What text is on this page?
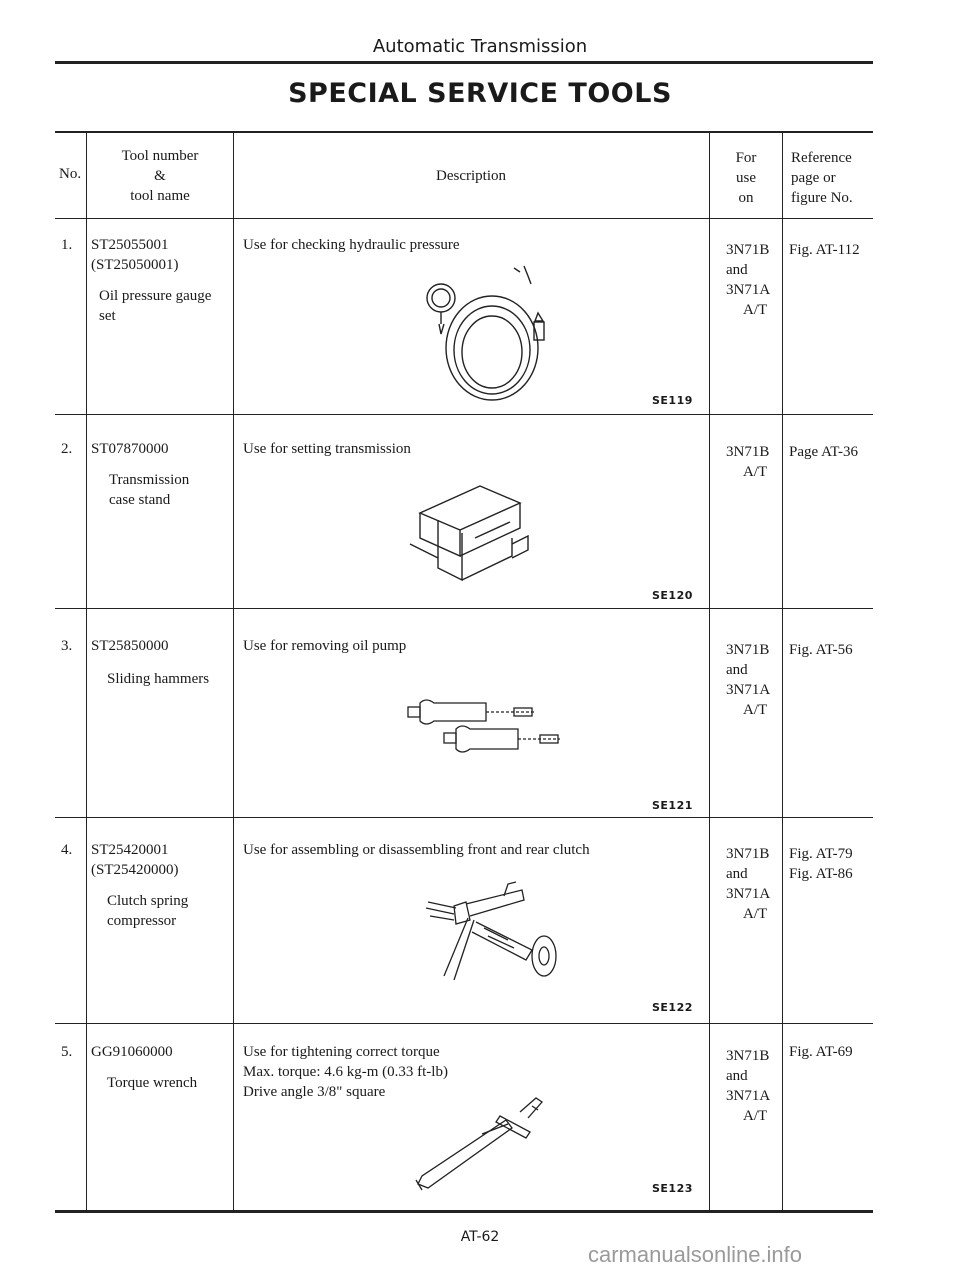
Automatic Transmission
SPECIAL SERVICE TOOLS
No.
Tool number
&
tool name
Description
For
use
on
Reference
page or
figure No.
1. ST25055001
(ST25050001)
Oil pressure gauge
set
Use for checking hydraulic pressure
SE119
3N71B
and
3N71A
A/T
Fig. AT-112
2. ST07870000
Transmission
case stand
Use for setting transmission
SE120
3N71B
A/T
Page AT-36
3. ST25850000
Sliding hammers
Use for removing oil pump
SE121
3N71B
and
3N71A
A/T
Fig. AT-56
4. ST25420001
(ST25420000)
Clutch spring
compressor
Use for assembling or disassembling front and rear clutch
SE122
3N71B
and
3N71A
A/T
Fig. AT-79
Fig. AT-86
5. GG91060000
Torque wrench
Use for tightening correct torque
Max. torque: 4.6 kg-m (0.33 ft-lb)
Drive angle 3/8" square
SE123
3N71B
and
3N71A
A/T
Fig. AT-69
AT-62
carmanualsonline.info
